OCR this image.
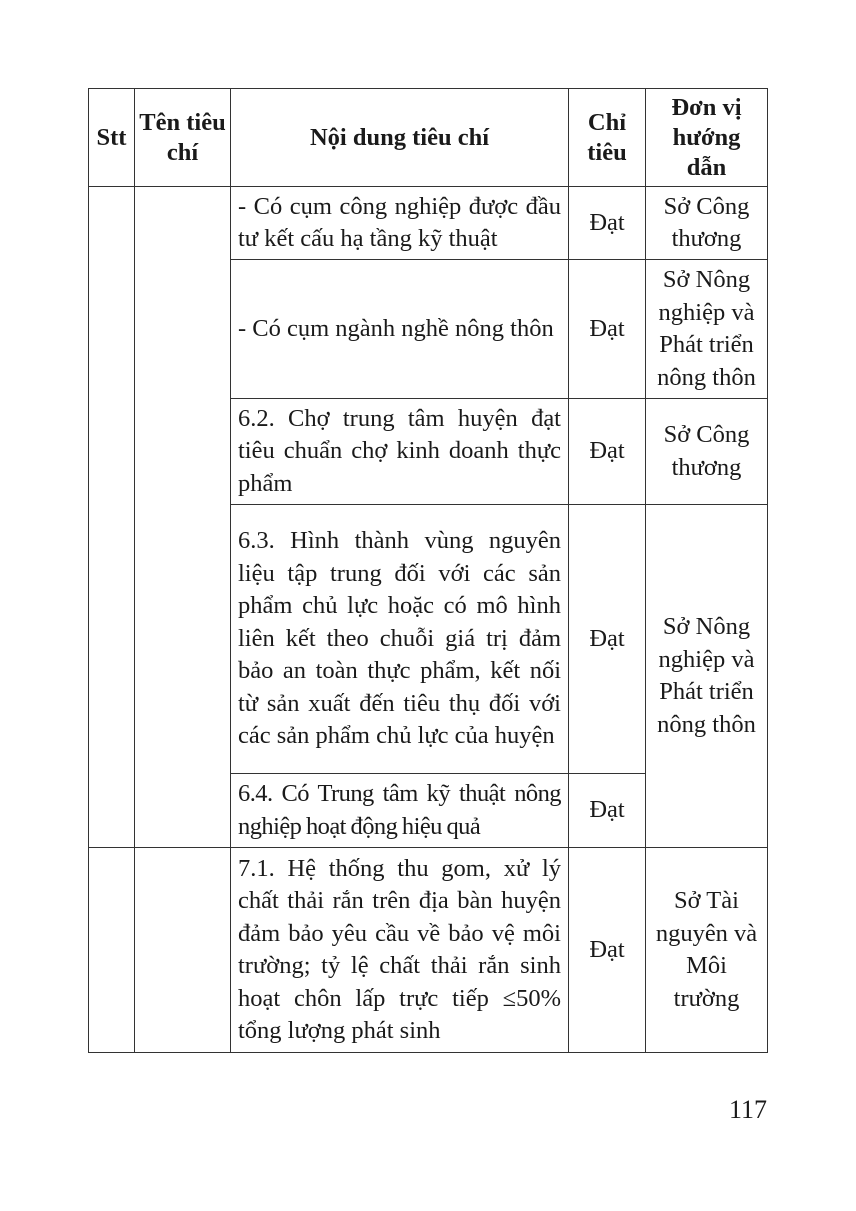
Stt	Tên tiêu chí	Nội dung tiêu chí	Chỉ tiêu	Đơn vị hướng dẫn
		- Có cụm công nghiệp được đầu tư kết cấu hạ tầng kỹ thuật	Đạt	Sở Công thương
		- Có cụm ngành nghề nông thôn	Đạt	Sở Nông nghiệp và Phát triển nông thôn
		6.2. Chợ trung tâm huyện đạt tiêu chuẩn chợ kinh doanh thực phẩm	Đạt	Sở Công thương
		6.3. Hình thành vùng nguyên liệu tập trung đối với các sản phẩm chủ lực hoặc có mô hình liên kết theo chuỗi giá trị đảm bảo an toàn thực phẩm, kết nối từ sản xuất đến tiêu thụ đối với các sản phẩm chủ lực của huyện	Đạt	Sở Nông nghiệp và Phát triển nông thôn
		6.4. Có Trung tâm kỹ thuật nông nghiệp hoạt động hiệu quả	Đạt	
		7.1. Hệ thống thu gom, xử lý chất thải rắn trên địa bàn huyện đảm bảo yêu cầu về bảo vệ môi trường; tỷ lệ chất thải rắn sinh hoạt chôn lấp trực tiếp ≤50% tổng lượng phát sinh	Đạt	Sở Tài nguyên và Môi trường
117
